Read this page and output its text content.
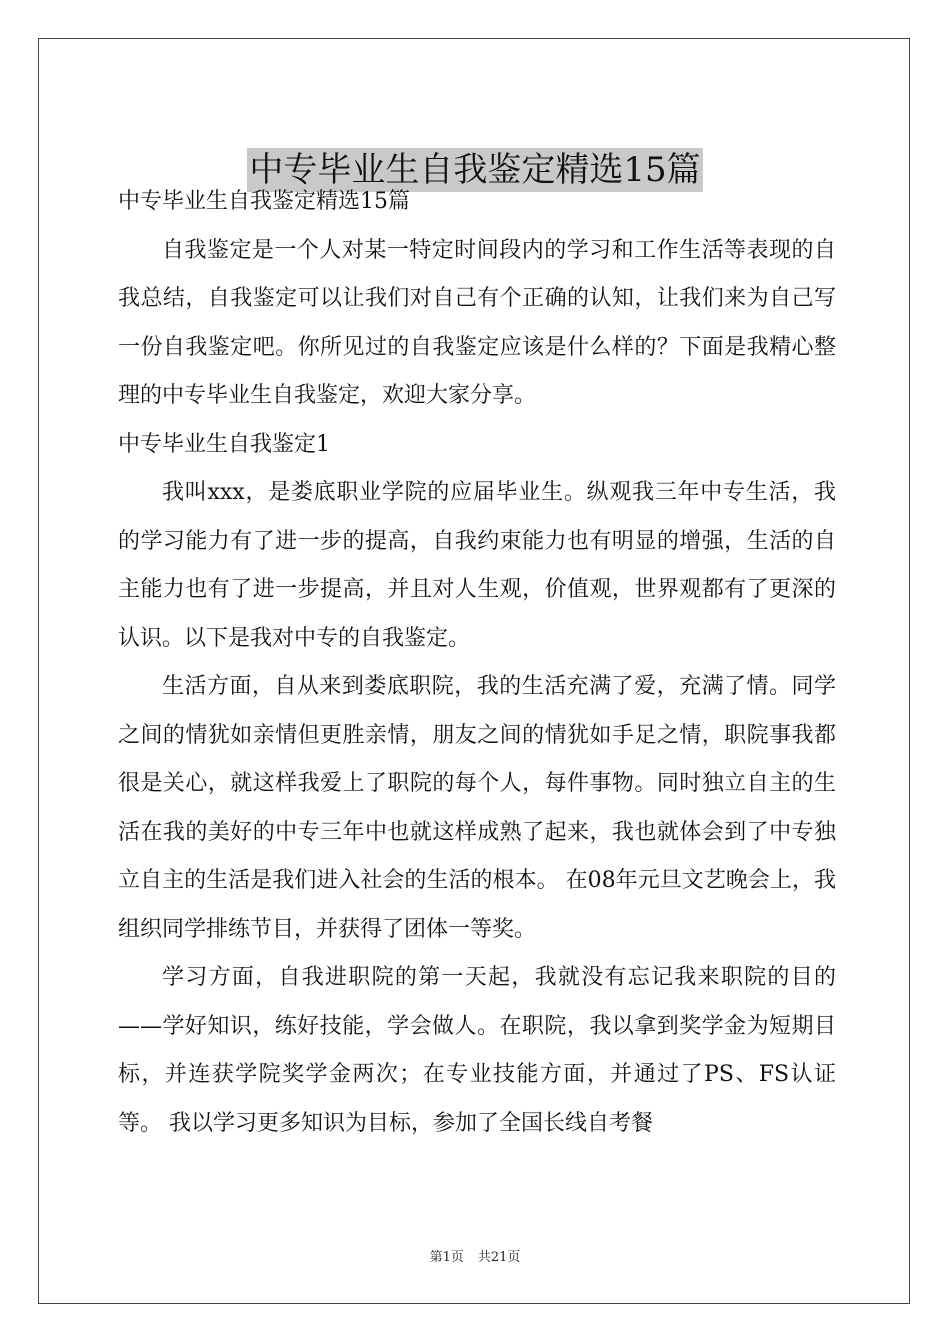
中专毕业生自我鉴定精选15篇

中专毕业生自我鉴定精选15篇

自我鉴定是一个人对某一特定时间段内的学习和工作生活等表现的自我总结，自我鉴定可以让我们对自己有个正确的认知，让我们来为自己写一份自我鉴定吧。你所见过的自我鉴定应该是什么样的？下面是我精心整理的中专毕业生自我鉴定，欢迎大家分享。

中专毕业生自我鉴定1

我叫xxx，是娄底职业学院的应届毕业生。纵观我三年中专生活，我的学习能力有了进一步的提高，自我约束能力也有明显的增强，生活的自主能力也有了进一步提高，并且对人生观，价值观，世界观都有了更深的认识。以下是我对中专的自我鉴定。

生活方面，自从来到娄底职院，我的生活充满了爱，充满了情。同学之间的情犹如亲情但更胜亲情，朋友之间的情犹如手足之情，职院事我都很是关心，就这样我爱上了职院的每个人，每件事物。同时独立自主的生活在我的美好的中专三年中也就这样成熟了起来，我也就体会到了中专独立自主的生活是我们进入社会的生活的根本。 在08年元旦文艺晚会上，我组织同学排练节目，并获得了团体一等奖。

学习方面，自我进职院的第一天起，我就没有忘记我来职院的目的——学好知识，练好技能，学会做人。在职院，我以拿到奖学金为短期目标，并连获学院奖学金两次；在专业技能方面，并通过了PS、FS认证等。 我以学习更多知识为目标，参加了全国长线自考餐

第1页 共21页
